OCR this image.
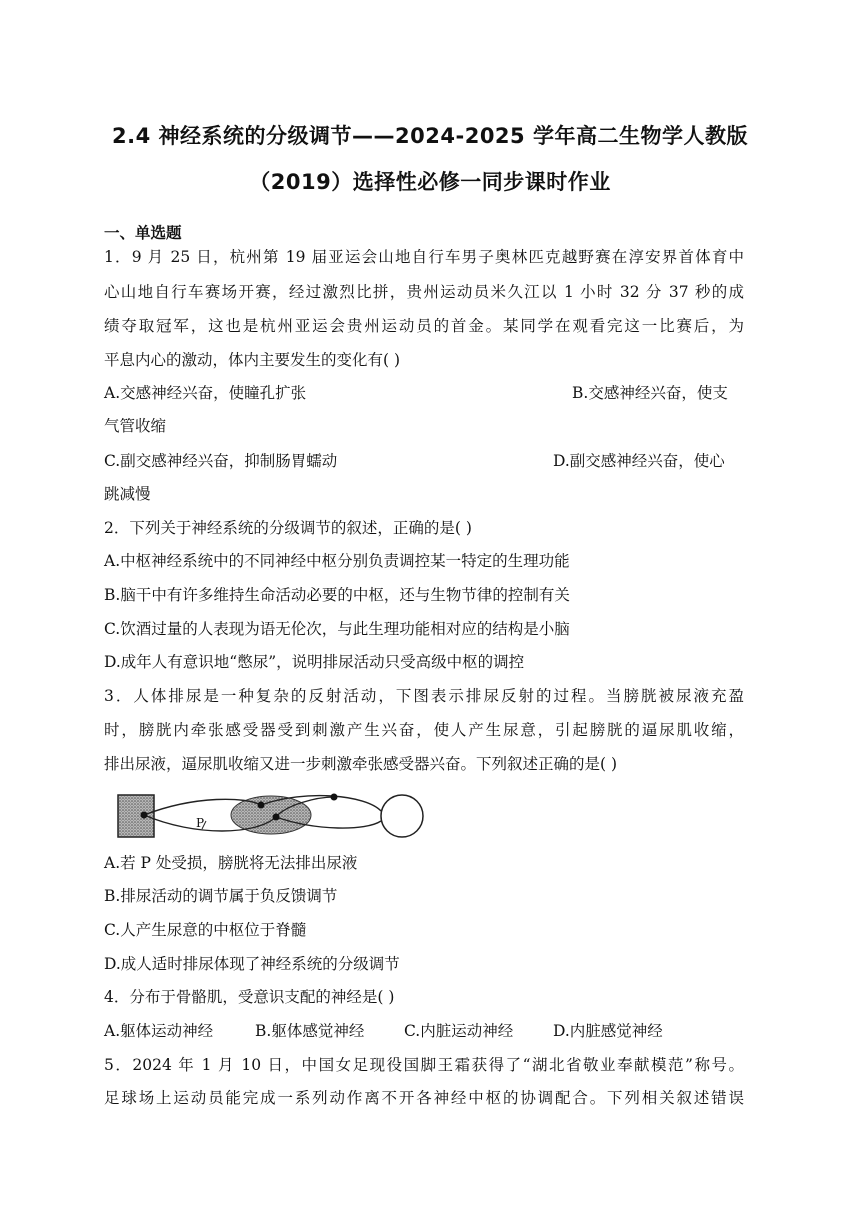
2.4 神经系统的分级调节——2024-2025 学年高二生物学人教版
（2019）选择性必修一同步课时作业
一、单选题
1．9 月 25 日，杭州第 19 届亚运会山地自行车男子奥林匹克越野赛在淳安界首体育中
心山地自行车赛场开赛，经过激烈比拼，贵州运动员米久江以 1 小时 32 分 37 秒的成
绩夺取冠军，这也是杭州亚运会贵州运动员的首金。某同学在观看完这一比赛后，为
平息内心的激动，体内主要发生的变化有( )
A.交感神经兴奋，使瞳孔扩张	B.交感神经兴奋，使支
气管收缩
C.副交感神经兴奋，抑制肠胃蠕动	D.副交感神经兴奋，使心
跳减慢
2．下列关于神经系统的分级调节的叙述，正确的是( )
A.中枢神经系统中的不同神经中枢分别负责调控某一特定的生理功能
B.脑干中有许多维持生命活动必要的中枢，还与生物节律的控制有关
C.饮酒过量的人表现为语无伦次，与此生理功能相对应的结构是小脑
D.成年人有意识地“憋尿”，说明排尿活动只受高级中枢的调控
3．人体排尿是一种复杂的反射活动，下图表示排尿反射的过程。当膀胱被尿液充盈
时，膀胱内牵张感受器受到刺激产生兴奋，使人产生尿意，引起膀胱的逼尿肌收缩，
排出尿液，逼尿肌收缩又进一步刺激牵张感受器兴奋。下列叙述正确的是( )
P
A.若 P 处受损，膀胱将无法排出尿液
B.排尿活动的调节属于负反馈调节
C.人产生尿意的中枢位于脊髓
D.成人适时排尿体现了神经系统的分级调节
4．分布于骨骼肌，受意识支配的神经是( )
A.躯体运动神经	B.躯体感觉神经	C.内脏运动神经	D.内脏感觉神经
5．2024 年 1 月 10 日，中国女足现役国脚王霜获得了“湖北省敬业奉献模范”称号。
足球场上运动员能完成一系列动作离不开各神经中枢的协调配合。下列相关叙述错误
